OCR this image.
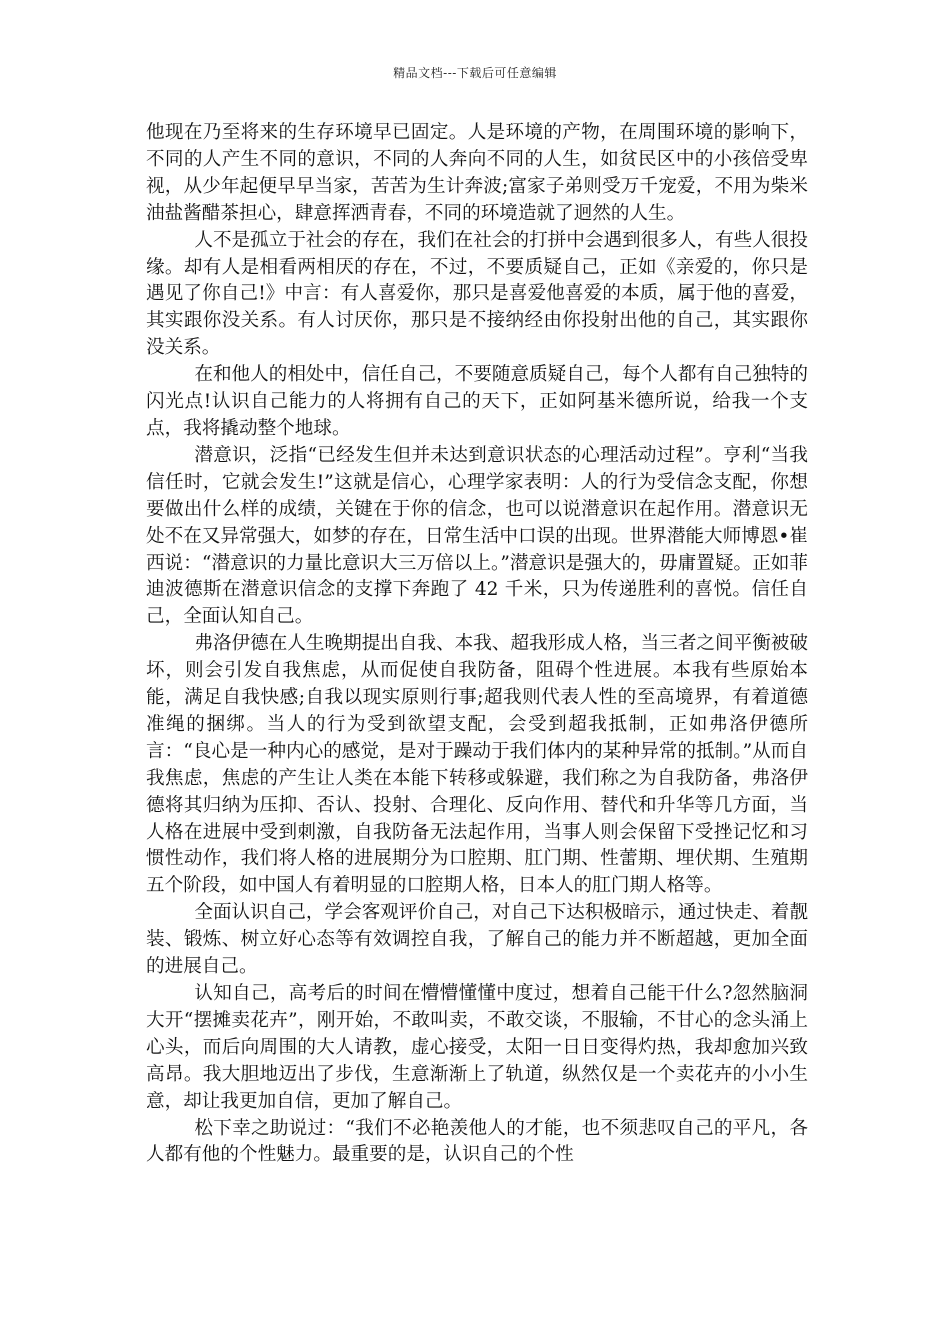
精品文档---下载后可任意编辑

他现在乃至将来的生存环境早已固定。人是环境的产物，在周围环境的影响下，不同的人产生不同的意识，不同的人奔向不同的人生，如贫民区中的小孩倍受卑视，从少年起便早早当家，苦苦为生计奔波;富家子弟则受万千宠爱，不用为柴米油盐酱醋茶担心，肆意挥洒青春，不同的环境造就了迥然的人生。

人不是孤立于社会的存在，我们在社会的打拼中会遇到很多人，有些人很投缘。却有人是相看两相厌的存在，不过，不要质疑自己，正如《亲爱的，你只是遇见了你自己!》中言：有人喜爱你，那只是喜爱他喜爱的本质，属于他的喜爱，其实跟你没关系。有人讨厌你，那只是不接纳经由你投射出他的自己，其实跟你没关系。

在和他人的相处中，信任自己，不要随意质疑自己，每个人都有自己独特的闪光点!认识自己能力的人将拥有自己的天下，正如阿基米德所说，给我一个支点，我将撬动整个地球。

潜意识，泛指“已经发生但并未达到意识状态的心理活动过程”。亨利“当我信任时，它就会发生!”这就是信心，心理学家表明：人的行为受信念支配，你想要做出什么样的成绩，关键在于你的信念，也可以说潜意识在起作用。潜意识无处不在又异常强大，如梦的存在，日常生活中口误的出现。世界潜能大师博恩•崔西说：“潜意识的力量比意识大三万倍以上。”潜意识是强大的，毋庸置疑。正如菲迪波德斯在潜意识信念的支撑下奔跑了 42 千米，只为传递胜利的喜悦。信任自己，全面认知自己。

弗洛伊德在人生晚期提出自我、本我、超我形成人格，当三者之间平衡被破坏，则会引发自我焦虑，从而促使自我防备，阻碍个性进展。本我有些原始本能，满足自我快感;自我以现实原则行事;超我则代表人性的至高境界，有着道德准绳的捆绑。当人的行为受到欲望支配，会受到超我抵制，正如弗洛伊德所言：“良心是一种内心的感觉，是对于躁动于我们体内的某种异常的抵制。”从而自我焦虑，焦虑的产生让人类在本能下转移或躲避，我们称之为自我防备，弗洛伊德将其归纳为压抑、否认、投射、合理化、反向作用、替代和升华等几方面，当人格在进展中受到刺激，自我防备无法起作用，当事人则会保留下受挫记忆和习惯性动作，我们将人格的进展期分为口腔期、肛门期、性蕾期、埋伏期、生殖期五个阶段，如中国人有着明显的口腔期人格，日本人的肛门期人格等。

全面认识自己，学会客观评价自己，对自己下达积极暗示，通过快走、着靓装、锻炼、树立好心态等有效调控自我，了解自己的能力并不断超越，更加全面的进展自己。

认知自己，高考后的时间在懵懵懂懂中度过，想着自己能干什么?忽然脑洞大开“摆摊卖花卉”，刚开始，不敢叫卖，不敢交谈，不服输，不甘心的念头涌上心头，而后向周围的大人请教，虚心接受，太阳一日日变得灼热，我却愈加兴致高昂。我大胆地迈出了步伐，生意渐渐上了轨道，纵然仅是一个卖花卉的小小生意，却让我更加自信，更加了解自己。

松下幸之助说过：“我们不必艳羡他人的才能，也不须悲叹自己的平凡，各人都有他的个性魅力。最重要的是，认识自己的个性
